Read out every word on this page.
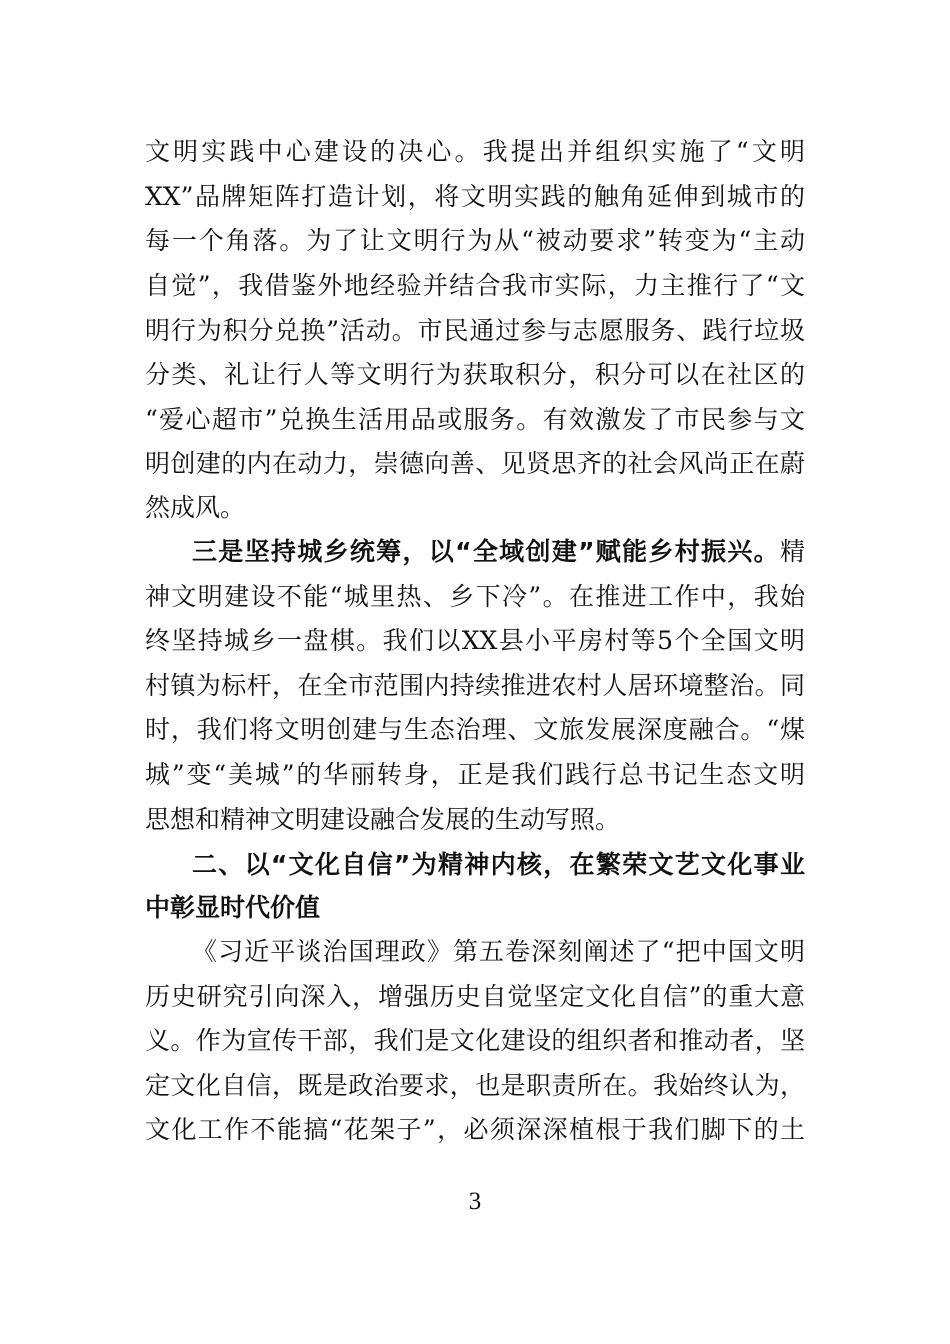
文明实践中心建设的决心。我提出并组织实施了“文明
XX”品牌矩阵打造计划，将文明实践的触角延伸到城市的
每一个角落。为了让文明行为从“被动要求”转变为“主动
自觉”，我借鉴外地经验并结合我市实际，力主推行了“文
明行为积分兑换”活动。市民通过参与志愿服务、践行垃圾
分类、礼让行人等文明行为获取积分，积分可以在社区的
“爱心超市”兑换生活用品或服务。有效激发了市民参与文
明创建的内在动力，崇德向善、见贤思齐的社会风尚正在蔚
然成风。
三是坚持城乡统筹，以“全域创建”赋能乡村振兴。精
神文明建设不能“城里热、乡下冷”。在推进工作中，我始
终坚持城乡一盘棋。我们以XX县小平房村等5个全国文明
村镇为标杆，在全市范围内持续推进农村人居环境整治。同
时，我们将文明创建与生态治理、文旅发展深度融合。“煤
城”变“美城”的华丽转身，正是我们践行总书记生态文明
思想和精神文明建设融合发展的生动写照。
二、以“文化自信”为精神内核，在繁荣文艺文化事业
中彰显时代价值
《习近平谈治国理政》第五卷深刻阐述了“把中国文明
历史研究引向深入，增强历史自觉坚定文化自信”的重大意
义。作为宣传干部，我们是文化建设的组织者和推动者，坚
定文化自信，既是政治要求，也是职责所在。我始终认为，
文化工作不能搞“花架子”，必须深深植根于我们脚下的土
3
